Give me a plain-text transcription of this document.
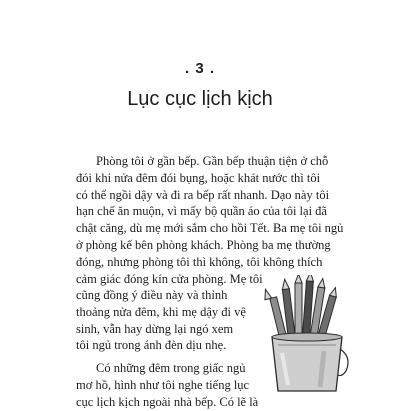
. 3 .
Lục cục lịch kịch
Phòng tôi ở gần bếp. Gần bếp thuận tiện ở chỗ
đói khi nửa đêm đói bụng, hoặc khát nước thì tôi
có thể ngồi dậy và đi ra bếp rất nhanh. Dạo này tôi
hạn chế ăn muộn, vì mấy bộ quần áo của tôi lại đã
chật căng, dù mẹ mới sắm cho hồi Tết. Ba mẹ tôi ngủ
ở phòng kế bên phòng khách. Phòng ba mẹ thường
đóng, nhưng phòng tôi thì không, tôi không thích
cảm giác đóng kín cửa phòng. Mẹ tôi
cũng đồng ý điều này và thỉnh
thoảng nửa đêm, khi mẹ dậy đi vệ
sinh, vẫn hay dừng lại ngó xem
tôi ngủ trong ánh đèn dịu nhẹ.
Có những đêm trong giấc ngủ
mơ hồ, hình như tôi nghe tiếng lục
cục lịch kịch ngoài nhà bếp. Có lẽ là
